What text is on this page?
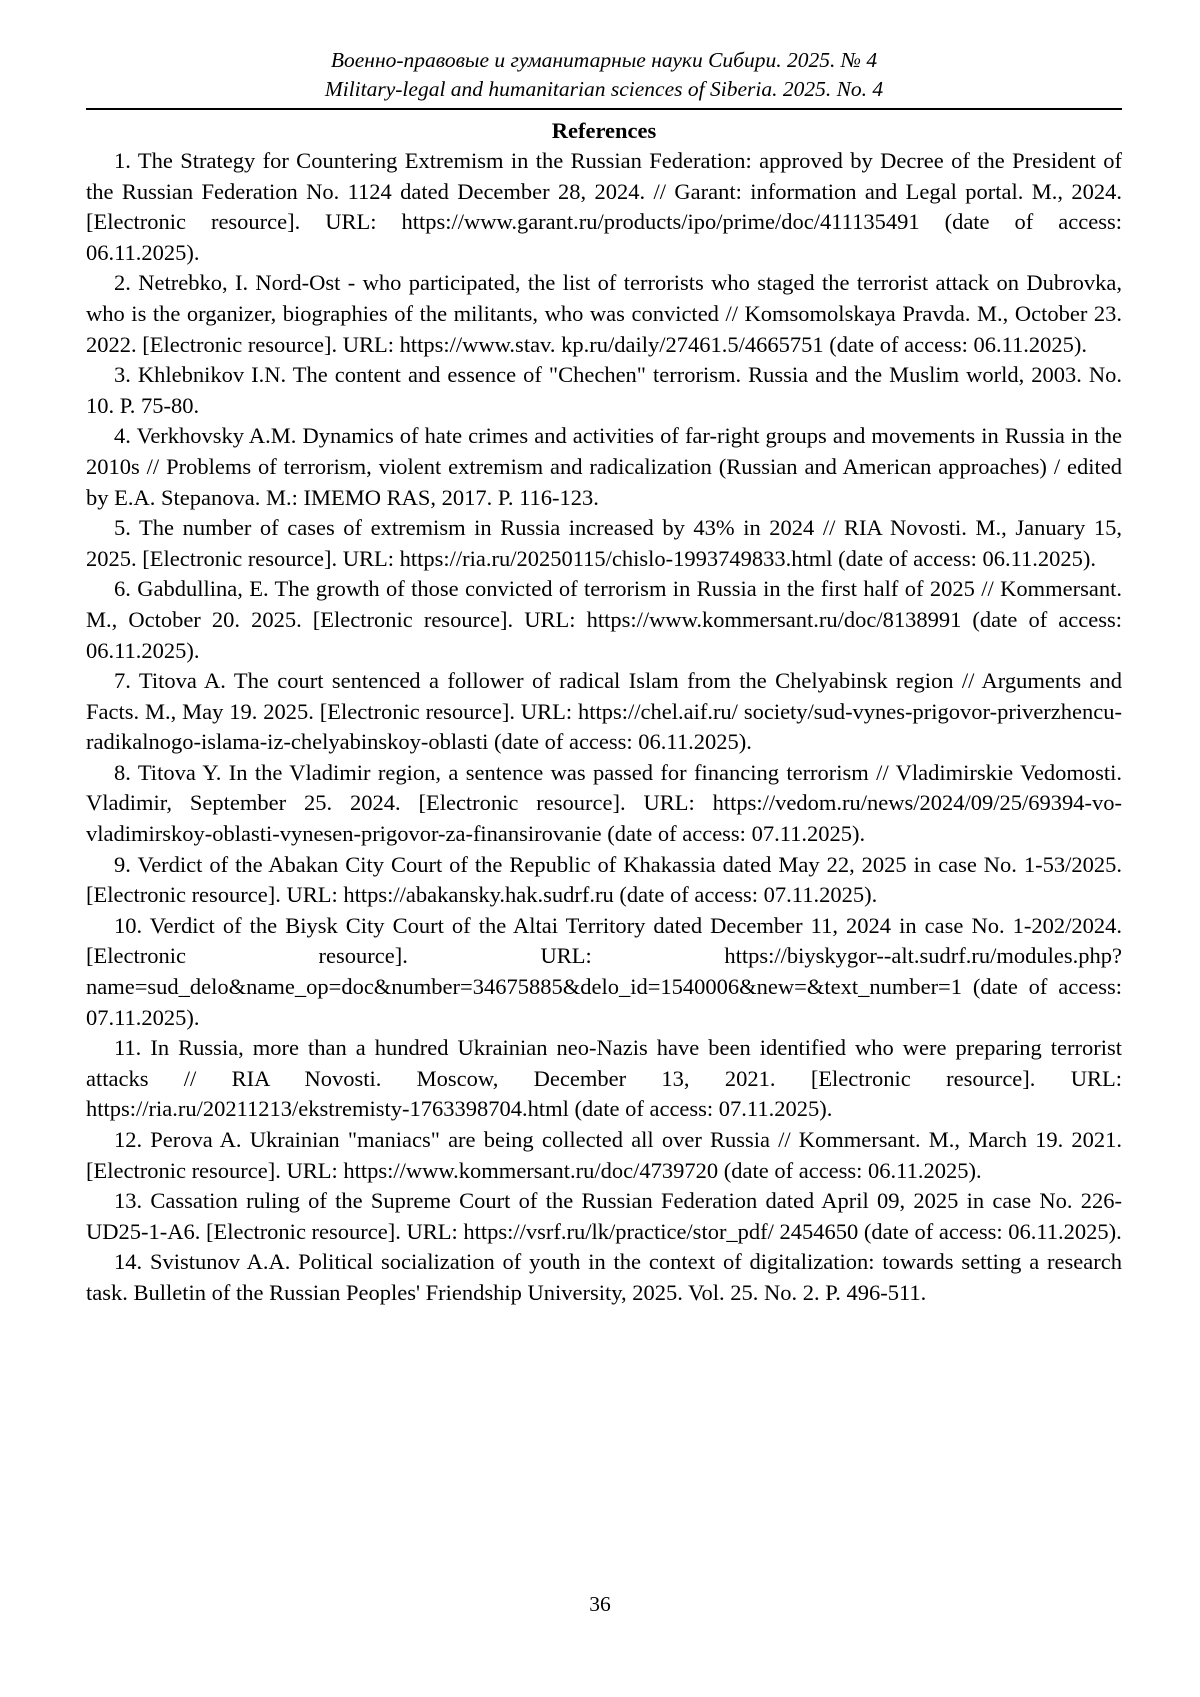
Военно-правовые и гуманитарные науки Сибири. 2025. № 4
Military-legal and humanitarian sciences of Siberia. 2025. No. 4
References
1. The Strategy for Countering Extremism in the Russian Federation: approved by Decree of the President of the Russian Federation No. 1124 dated December 28, 2024. // Garant: information and Legal portal. M., 2024. [Electronic resource]. URL: https://www.garant.ru/products/ipo/prime/doc/411135491 (date of access: 06.11.2025).
2. Netrebko, I. Nord-Ost - who participated, the list of terrorists who staged the terrorist attack on Dubrovka, who is the organizer, biographies of the militants, who was convicted // Komsomolskaya Pravda. M., October 23. 2022. [Electronic resource]. URL: https://www.stav. kp.ru/daily/27461.5/4665751 (date of access: 06.11.2025).
3. Khlebnikov I.N. The content and essence of "Chechen" terrorism. Russia and the Muslim world, 2003. No. 10. P. 75-80.
4. Verkhovsky A.M. Dynamics of hate crimes and activities of far-right groups and movements in Russia in the 2010s // Problems of terrorism, violent extremism and radicalization (Russian and American approaches) / edited by E.A. Stepanova. M.: IMEMO RAS, 2017. P. 116-123.
5. The number of cases of extremism in Russia increased by 43% in 2024 // RIA Novosti. M., January 15, 2025. [Electronic resource]. URL: https://ria.ru/20250115/chislo-1993749833.html (date of access: 06.11.2025).
6. Gabdullina, E. The growth of those convicted of terrorism in Russia in the first half of 2025 // Kommersant. M., October 20. 2025. [Electronic resource]. URL: https://www.kommersant.ru/doc/8138991 (date of access: 06.11.2025).
7. Titova A. The court sentenced a follower of radical Islam from the Chelyabinsk region // Arguments and Facts. M., May 19. 2025. [Electronic resource]. URL: https://chel.aif.ru/ society/sud-vynes-prigovor-priverzhencu-radikalnogo-islama-iz-chelyabinskoy-oblasti (date of access: 06.11.2025).
8. Titova Y. In the Vladimir region, a sentence was passed for financing terrorism // Vladimirskie Vedomosti. Vladimir, September 25. 2024. [Electronic resource]. URL: https://vedom.ru/news/2024/09/25/69394-vo-vladimirskoy-oblasti-vynesen-prigovor-za-finansirovanie (date of access: 07.11.2025).
9. Verdict of the Abakan City Court of the Republic of Khakassia dated May 22, 2025 in case No. 1-53/2025. [Electronic resource]. URL: https://abakansky.hak.sudrf.ru (date of access: 07.11.2025).
10. Verdict of the Biysk City Court of the Altai Territory dated December 11, 2024 in case No. 1-202/2024. [Electronic resource]. URL: https://biyskygor--alt.sudrf.ru/modules.php? name=sud_delo&name_op=doc&number=34675885&delo_id=1540006&new=&text_number=1 (date of access: 07.11.2025).
11. In Russia, more than a hundred Ukrainian neo-Nazis have been identified who were preparing terrorist attacks // RIA Novosti. Moscow, December 13, 2021. [Electronic resource]. URL: https://ria.ru/20211213/ekstremisty-1763398704.html (date of access: 07.11.2025).
12. Perova A. Ukrainian "maniacs" are being collected all over Russia // Kommersant. M., March 19. 2021. [Electronic resource]. URL: https://www.kommersant.ru/doc/4739720 (date of access: 06.11.2025).
13. Cassation ruling of the Supreme Court of the Russian Federation dated April 09, 2025 in case No. 226-UD25-1-A6. [Electronic resource]. URL: https://vsrf.ru/lk/practice/stor_pdf/ 2454650 (date of access: 06.11.2025).
14. Svistunov A.A. Political socialization of youth in the context of digitalization: towards setting a research task. Bulletin of the Russian Peoples' Friendship University, 2025. Vol. 25. No. 2. P. 496-511.
36
